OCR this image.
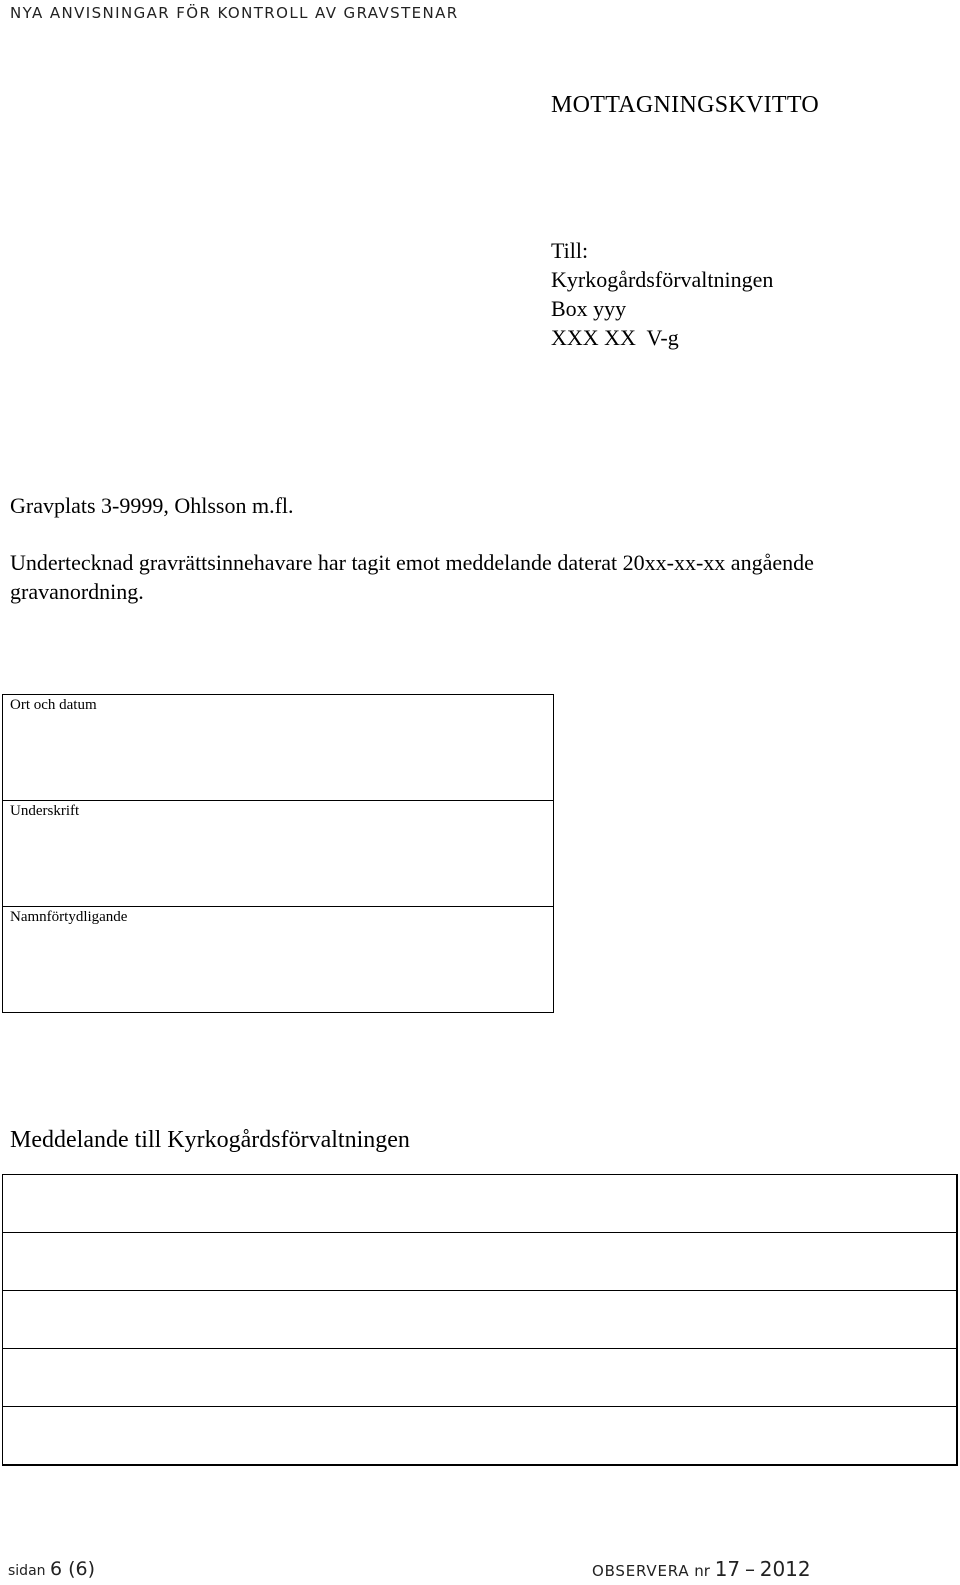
NYA ANVISNINGAR FÖR KONTROLL AV GRAVSTENAR
MOTTAGNINGSKVITTO
Till:
Kyrkogårdsförvaltningen
Box yyy
XXX XX  V-g
Gravplats 3-9999, Ohlsson m.fl.
Undertecknad gravrättsinnehavare har tagit emot meddelande daterat 20xx-xx-xx angående gravanordning.
Ort och datum
Underskrift
Namnförtydligande
Meddelande till Kyrkogårdsförvaltningen
sidan 6 (6)	OBSERVERA nr 17 – 2012
